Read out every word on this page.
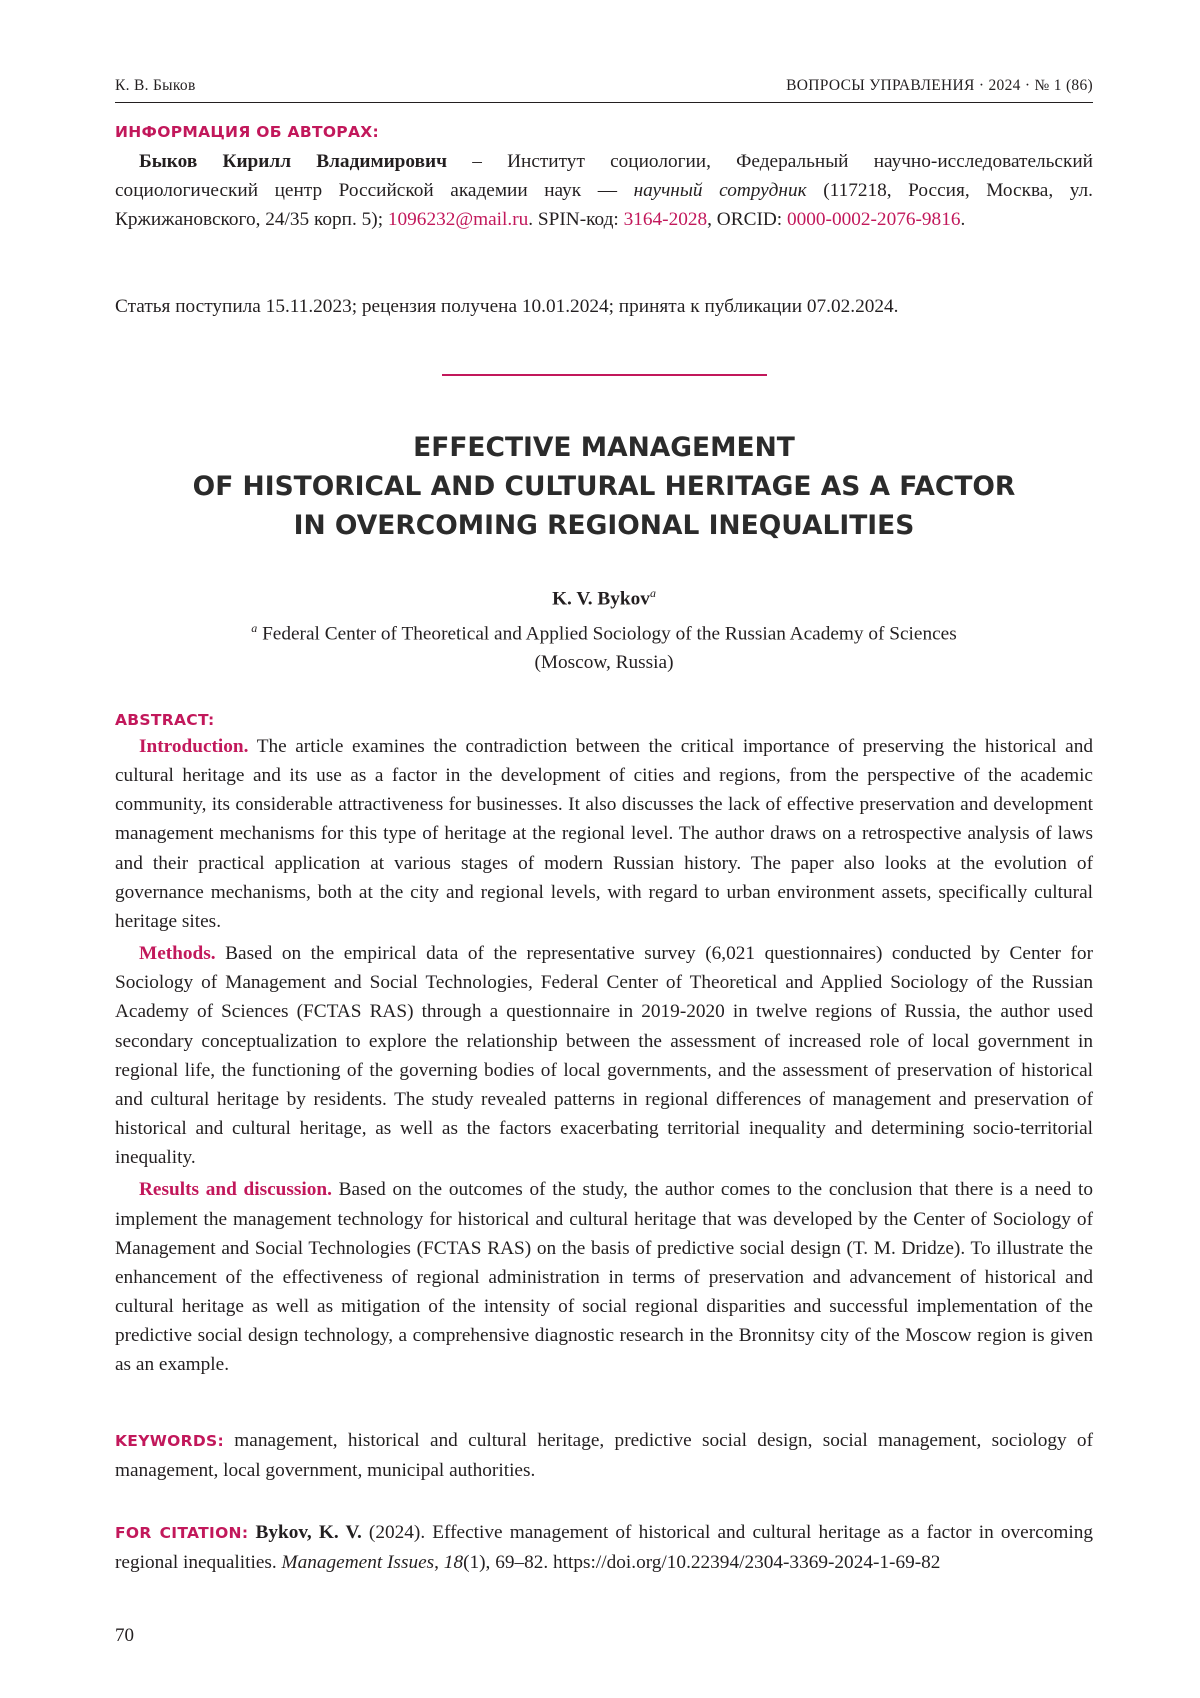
К. В. Быков	ВОПРОСЫ УПРАВЛЕНИЯ · 2024 · № 1 (86)
ИНФОРМАЦИЯ ОБ АВТОРАХ:

Быков Кирилл Владимирович – Институт социологии, Федеральный научно-исследовательский социологический центр Российской академии наук — научный сотрудник (117218, Россия, Москва, ул. Кржижановского, 24/35 корп. 5); 1096232@mail.ru. SPIN-код: 3164-2028, ORCID: 0000-0002-2076-9816.

Статья поступила 15.11.2023; рецензия получена 10.01.2024; принята к публикации 07.02.2024.
EFFECTIVE MANAGEMENT
OF HISTORICAL AND CULTURAL HERITAGE AS A FACTOR
IN OVERCOMING REGIONAL INEQUALITIES
K. V. Bykov$^a$
$^a$ Federal Center of Theoretical and Applied Sociology of the Russian Academy of Sciences
(Moscow, Russia)
ABSTRACT:

Introduction. The article examines the contradiction between the critical importance of preserving the historical and cultural heritage and its use as a factor in the development of cities and regions, from the perspective of the academic community, its considerable attractiveness for businesses. It also discusses the lack of effective preservation and development management mechanisms for this type of heritage at the regional level. The author draws on a retrospective analysis of laws and their practical application at various stages of modern Russian history. The paper also looks at the evolution of governance mechanisms, both at the city and regional levels, with regard to urban environment assets, specifically cultural heritage sites.

Methods. Based on the empirical data of the representative survey (6,021 questionnaires) conducted by Center for Sociology of Management and Social Technologies, Federal Center of Theoretical and Applied Sociology of the Russian Academy of Sciences (FCTAS RAS) through a questionnaire in 2019-2020 in twelve regions of Russia, the author used secondary conceptualization to explore the relationship between the assessment of increased role of local government in regional life, the functioning of the governing bodies of local governments, and the assessment of preservation of historical and cultural heritage by residents. The study revealed patterns in regional differences of management and preservation of historical and cultural heritage, as well as the factors exacerbating territorial inequality and determining socio-territorial inequality.

Results and discussion. Based on the outcomes of the study, the author comes to the conclusion that there is a need to implement the management technology for historical and cultural heritage that was developed by the Center of Sociology of Management and Social Technologies (FCTAS RAS) on the basis of predictive social design (T. M. Dridze). To illustrate the enhancement of the effectiveness of regional administration in terms of preservation and advancement of historical and cultural heritage as well as mitigation of the intensity of social regional disparities and successful implementation of the predictive social design technology, a comprehensive diagnostic research in the Bronnitsy city of the Moscow region is given as an example.

KEYWORDS: management, historical and cultural heritage, predictive social design, social management, sociology of management, local government, municipal authorities.
FOR CITATION: Bykov, K. V. (2024). Effective management of historical and cultural heritage as a factor in overcoming regional inequalities. Management Issues, 18(1), 69–82. https://doi.org/10.22394/2304-3369-2024-1-69-82
70
